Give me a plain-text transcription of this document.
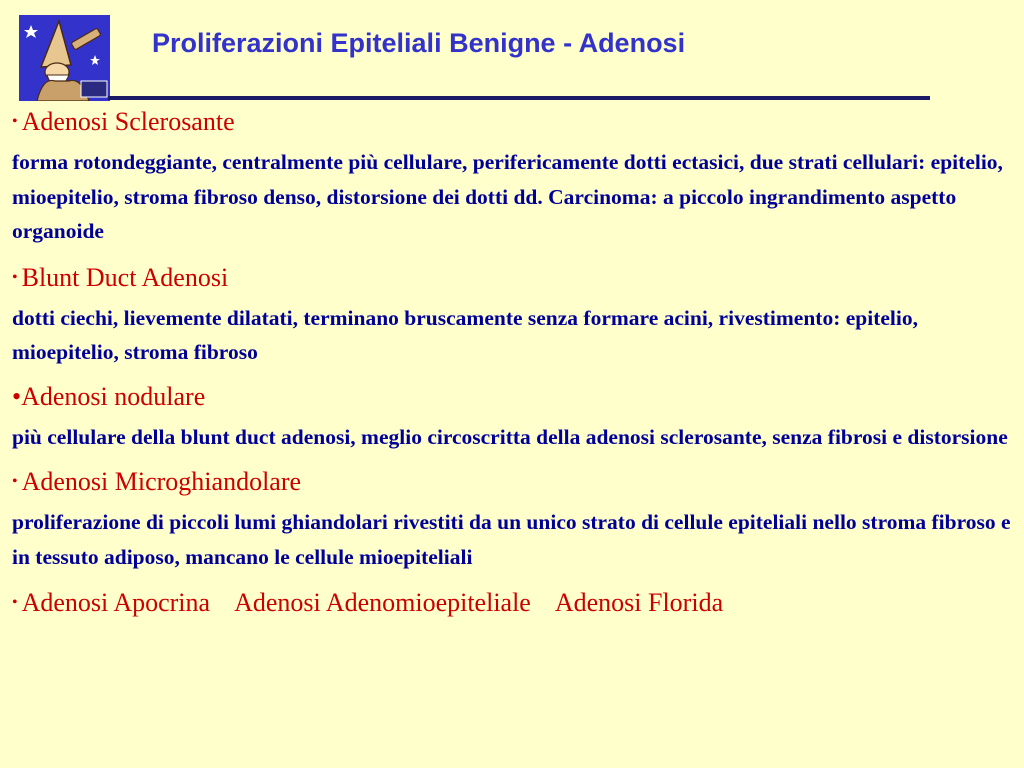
Proliferazioni Epiteliali Benigne - Adenosi
• Adenosi Sclerosante
forma rotondeggiante, centralmente più cellulare, perifericamente dotti ectasici, due strati cellulari: epitelio, mioepitelio, stroma fibroso denso, distorsione dei dotti dd. Carcinoma: a piccolo ingrandimento aspetto organoide
• Blunt Duct Adenosi
dotti ciechi, lievemente dilatati, terminano bruscamente senza formare acini, rivestimento: epitelio, mioepitelio, stroma fibroso
•Adenosi nodulare
più cellulare della blunt duct adenosi, meglio circoscritta della adenosi sclerosante, senza fibrosi e distorsione
• Adenosi Microghiandolare
proliferazione di piccoli lumi ghiandolari rivestiti da un unico strato di cellule epiteliali nello stroma fibroso e in tessuto adiposo, mancano le cellule mioepiteliali
• Adenosi Apocrina Adenosi Adenomioepiteliale Adenosi Florida
